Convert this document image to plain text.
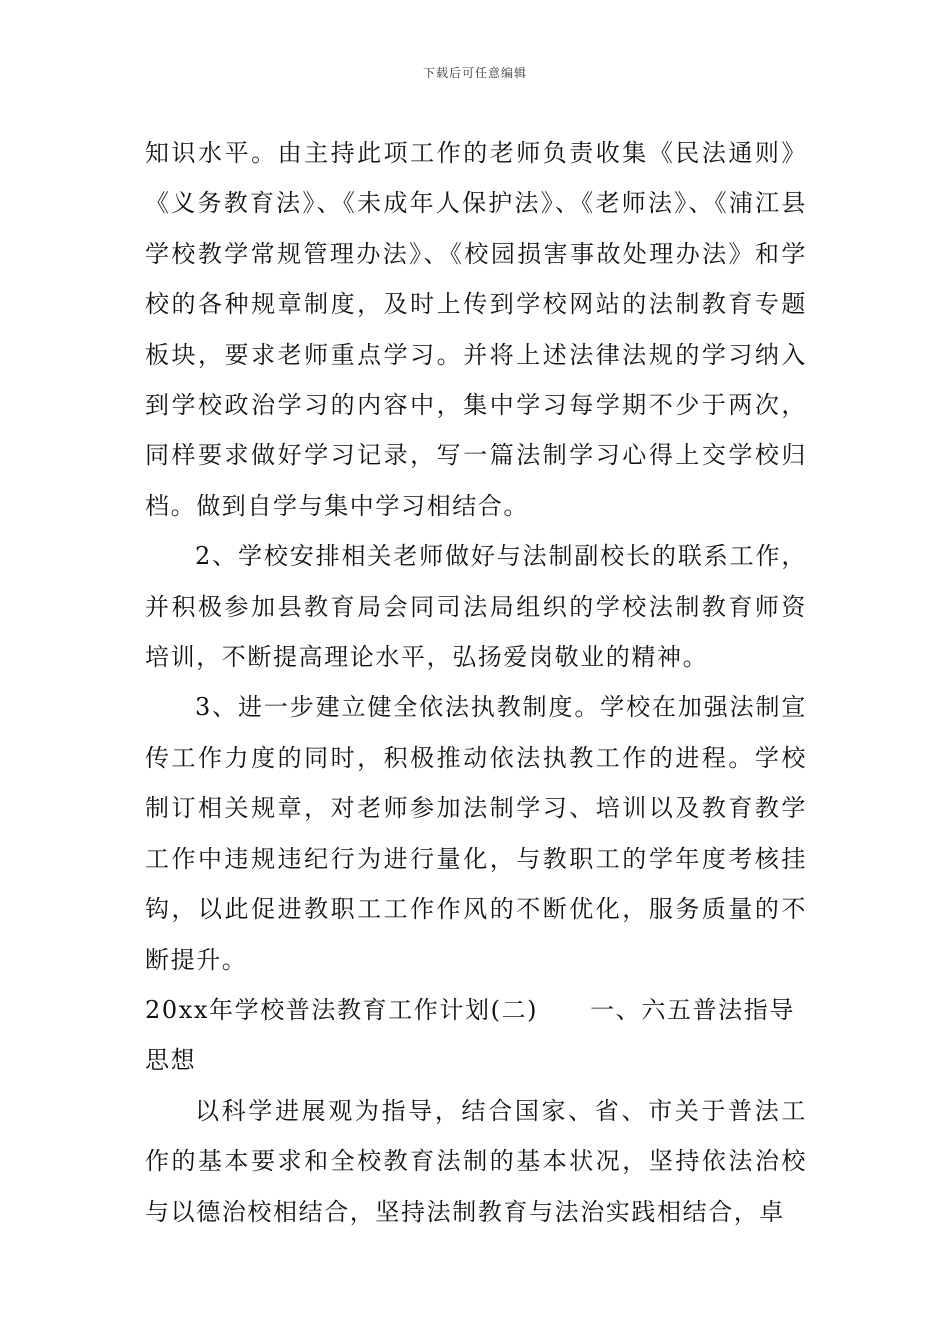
下载后可任意编辑

知识水平。由主持此项工作的老师负责收集《民法通则》《义务教育法》、《未成年人保护法》、《老师法》、《浦江县学校教学常规管理办法》、《校园损害事故处理办法》和学校的各种规章制度，及时上传到学校网站的法制教育专题板块，要求老师重点学习。并将上述法律法规的学习纳入到学校政治学习的内容中，集中学习每学期不少于两次，同样要求做好学习记录，写一篇法制学习心得上交学校归档。做到自学与集中学习相结合。

2、学校安排相关老师做好与法制副校长的联系工作，并积极参加县教育局会同司法局组织的学校法制教育师资培训，不断提高理论水平，弘扬爱岗敬业的精神。

3、进一步建立健全依法执教制度。学校在加强法制宣传工作力度的同时，积极推动依法执教工作的进程。学校制订相关规章，对老师参加法制学习、培训以及教育教学工作中违规违纪行为进行量化，与教职工的学年度考核挂钩，以此促进教职工工作作风的不断优化，服务质量的不断提升。

20xx年学校普法教育工作计划(二) 一、六五普法指导思想

以科学进展观为指导，结合国家、省、市关于普法工作的基本要求和全校教育法制的基本状况，坚持依法治校与以德治校相结合，坚持法制教育与法治实践相结合，卓
